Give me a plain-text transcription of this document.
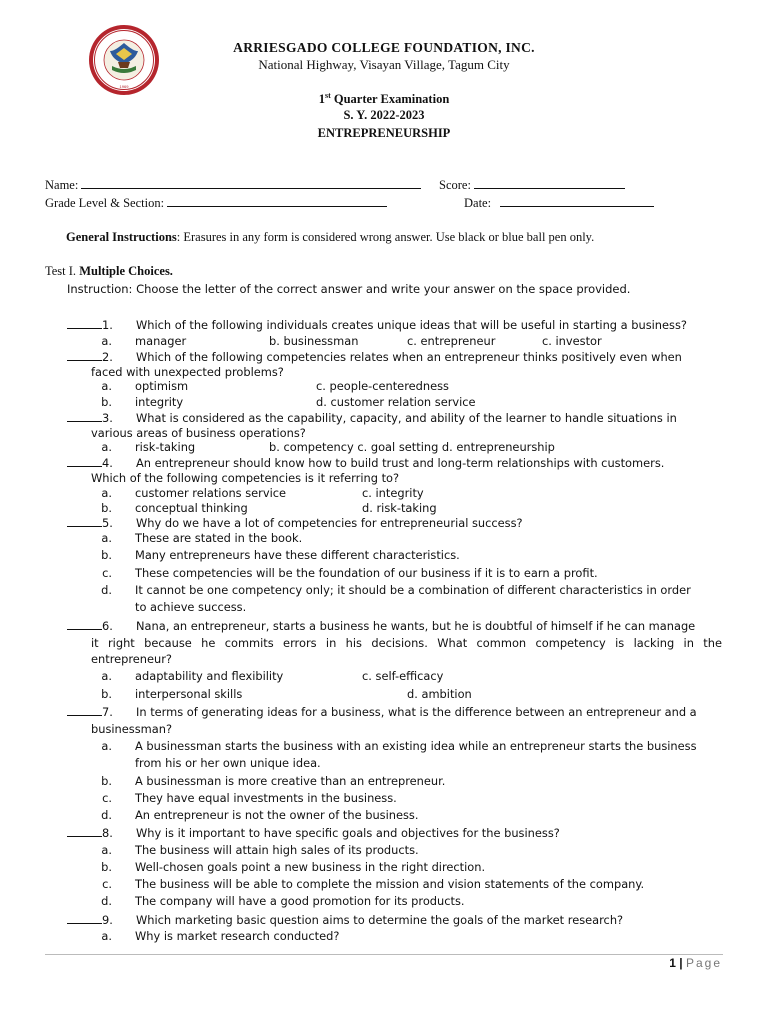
1969
ARRIESGADO COLLEGE FOUNDATION, INC.
National Highway, Visayan Village, Tagum City
1st Quarter Examination
S. Y. 2022-2023
ENTREPRENEURSHIP
Name:	Score:
Grade Level & Section:	Date:
General Instructions: Erasures in any form is considered wrong answer. Use black or blue ball pen only.
Test I. Multiple Choices.
Instruction: Choose the letter of the correct answer and write your answer on the space provided.
1. Which of the following individuals creates unique ideas that will be useful in starting a business?
a. manager	b. businessman	c. entrepreneur	c. investor
2. Which of the following competencies relates when an entrepreneur thinks positively even when
faced with unexpected problems?
a. optimism	c. people-centeredness
b. integrity	d. customer relation service
3. What is considered as the capability, capacity, and ability of the learner to handle situations in
various areas of business operations?
a. risk-taking	b. competency c. goal setting d. entrepreneurship
4. An entrepreneur should know how to build trust and long-term relationships with customers.
Which of the following competencies is it referring to?
a. customer relations service	c. integrity
b. conceptual thinking	d. risk-taking
5. Why do we have a lot of competencies for entrepreneurial success?
a. These are stated in the book.
b. Many entrepreneurs have these different characteristics.
c. These competencies will be the foundation of our business if it is to earn a profit.
d. It cannot be one competency only; it should be a combination of different characteristics in order
to achieve success.
6. Nana, an entrepreneur, starts a business he wants, but he is doubtful of himself if he can manage
it right because he commits errors in his decisions. What common competency is lacking in the
entrepreneur?
a. adaptability and flexibility	c. self-efficacy
b. interpersonal skills	d. ambition
7. In terms of generating ideas for a business, what is the difference between an entrepreneur and a
businessman?
a. A businessman starts the business with an existing idea while an entrepreneur starts the business
from his or her own unique idea.
b. A businessman is more creative than an entrepreneur.
c. They have equal investments in the business.
d. An entrepreneur is not the owner of the business.
8. Why is it important to have specific goals and objectives for the business?
a. The business will attain high sales of its products.
b. Well-chosen goals point a new business in the right direction.
c. The business will be able to complete the mission and vision statements of the company.
d. The company will have a good promotion for its products.
9. Which marketing basic question aims to determine the goals of the market research?
a. Why is market research conducted?
1 | Page
